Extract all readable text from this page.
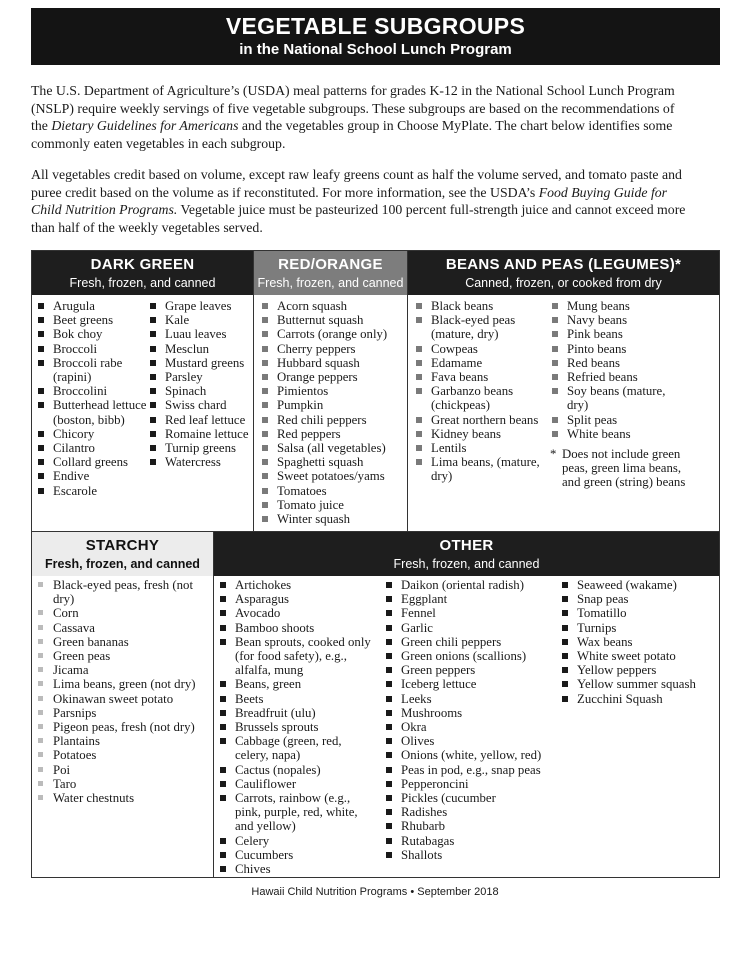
VEGETABLE SUBGROUPS
in the National School Lunch Program

The U.S. Department of Agriculture’s (USDA) meal patterns for grades K-12 in the National School Lunch Program (NSLP) require weekly servings of five vegetable subgroups. These subgroups are based on the recommendations of the Dietary Guidelines for Americans and the vegetables group in Choose MyPlate. The chart below identifies some commonly eaten vegetables in each subgroup.

All vegetables credit based on volume, except raw leafy greens count as half the volume served, and tomato paste and puree credit based on the volume as if reconstituted. For more information, see the USDA’s Food Buying Guide for Child Nutrition Programs. Vegetable juice must be pasteurized 100 percent full-strength juice and cannot exceed more than half of the weekly vegetables served.

DARK GREEN
Fresh, frozen, and canned
Arugula
Beet greens
Bok choy
Broccoli
Broccoli rabe (rapini)
Broccolini
Butterhead lettuce (boston, bibb)
Chicory
Cilantro
Collard greens
Endive
Escarole
Grape leaves
Kale
Luau leaves
Mesclun
Mustard greens
Parsley
Spinach
Swiss chard
Red leaf lettuce
Romaine lettuce
Turnip greens
Watercress
RED/ORANGE
Fresh, frozen, and canned
Acorn squash
Butternut squash
Carrots (orange only)
Cherry peppers
Hubbard squash
Orange peppers
Pimientos
Pumpkin
Red chili peppers
Red peppers
Salsa (all vegetables)
Spaghetti squash
Sweet potatoes/yams
Tomatoes
Tomato juice
Winter squash
BEANS AND PEAS (LEGUMES)*
Canned, frozen, or cooked from dry
Black beans
Black-eyed peas (mature, dry)
Cowpeas
Edamame
Fava beans
Garbanzo beans (chickpeas)
Great northern beans
Kidney beans
Lentils
Lima beans, (mature, dry)
Mung beans
Navy beans
Pink beans
Pinto beans
Red beans
Refried beans
Soy beans (mature, dry)
Split peas
White beans
* Does not include green peas, green lima beans, and green (string) beans
STARCHY
Fresh, frozen, and canned
Black-eyed peas, fresh (not dry)
Corn
Cassava
Green bananas
Green peas
Jicama
Lima beans, green (not dry)
Okinawan sweet potato
Parsnips
Pigeon peas, fresh (not dry)
Plantains
Potatoes
Poi
Taro
Water chestnuts
OTHER
Fresh, frozen, and canned
Artichokes
Asparagus
Avocado
Bamboo shoots
Bean sprouts, cooked only (for food safety), e.g., alfalfa, mung
Beans, green
Beets
Breadfruit (ulu)
Brussels sprouts
Cabbage (green, red, celery, napa)
Cactus (nopales)
Cauliflower
Carrots, rainbow (e.g., pink, purple, red, white, and yellow)
Celery
Cucumbers
Chives
Daikon (oriental radish)
Eggplant
Fennel
Garlic
Green chili peppers
Green onions (scallions)
Green peppers
Iceberg lettuce
Leeks
Mushrooms
Okra
Olives
Onions (white, yellow, red)
Peas in pod, e.g., snap peas
Pepperoncini
Pickles (cucumber
Radishes
Rhubarb
Rutabagas
Shallots
Seaweed (wakame)
Snap peas
Tomatillo
Turnips
Wax beans
White sweet potato
Yellow peppers
Yellow summer squash
Zucchini Squash
Hawaii Child Nutrition Programs • September 2018
